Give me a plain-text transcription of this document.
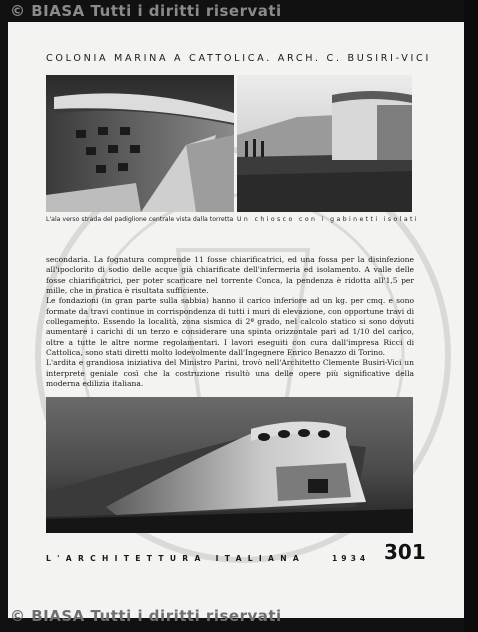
© BIASA Tutti i diritti riservati
COLONIA MARINA A CATTOLICA. ARCH. C. BUSIRI-VICI
L'ala verso strada del padiglione centrale vista dalla torretta Un chiosco con i gabinetti isolati

secondaria. La fognatura comprende 11 fosse chiarificatrici, ed una fossa per la disinfezione all'ipoclorito di sodio delle acque già chiarificate dell'infermeria ed isolamento. A valle delle fosse chiarificatrici, per poter scaricare nel torrente Conca, la pendenza è ridotta all'1,5 per mille, che in pratica è risultata sufficiente.

Le fondazioni (in gran parte sulla sabbia) hanno il carico inferiore ad un kg. per cmq. e sono formate da travi continue in corrispondenza di tutti i muri di elevazione, con opportune travi di collegamento. Essendo la località, zona sismica di 2ª grado, nel calcolo statico si sono dovuti aumentare i carichi di un terzo e considerare una spinta orizzontale pari ad 1/10 del carico, oltre a tutte le altre norme regolamentari. I lavori eseguiti con cura dall'impresa Ricci di Cattolica, sono stati diretti molto lodevolmente dall'Ingegnere Enrico Benazzo di Torino.

L'ardita e grandiosa iniziativa del Ministro Parini, trovò nell'Architetto Clemente Busiri-Vici un interprete geniale così che la costruzione risultò una delle opere più significative della moderna edilizia italiana.

L'ARCHITETTURA ITALIANA	1934 301
© BIASA Tutti i diritti riservati
